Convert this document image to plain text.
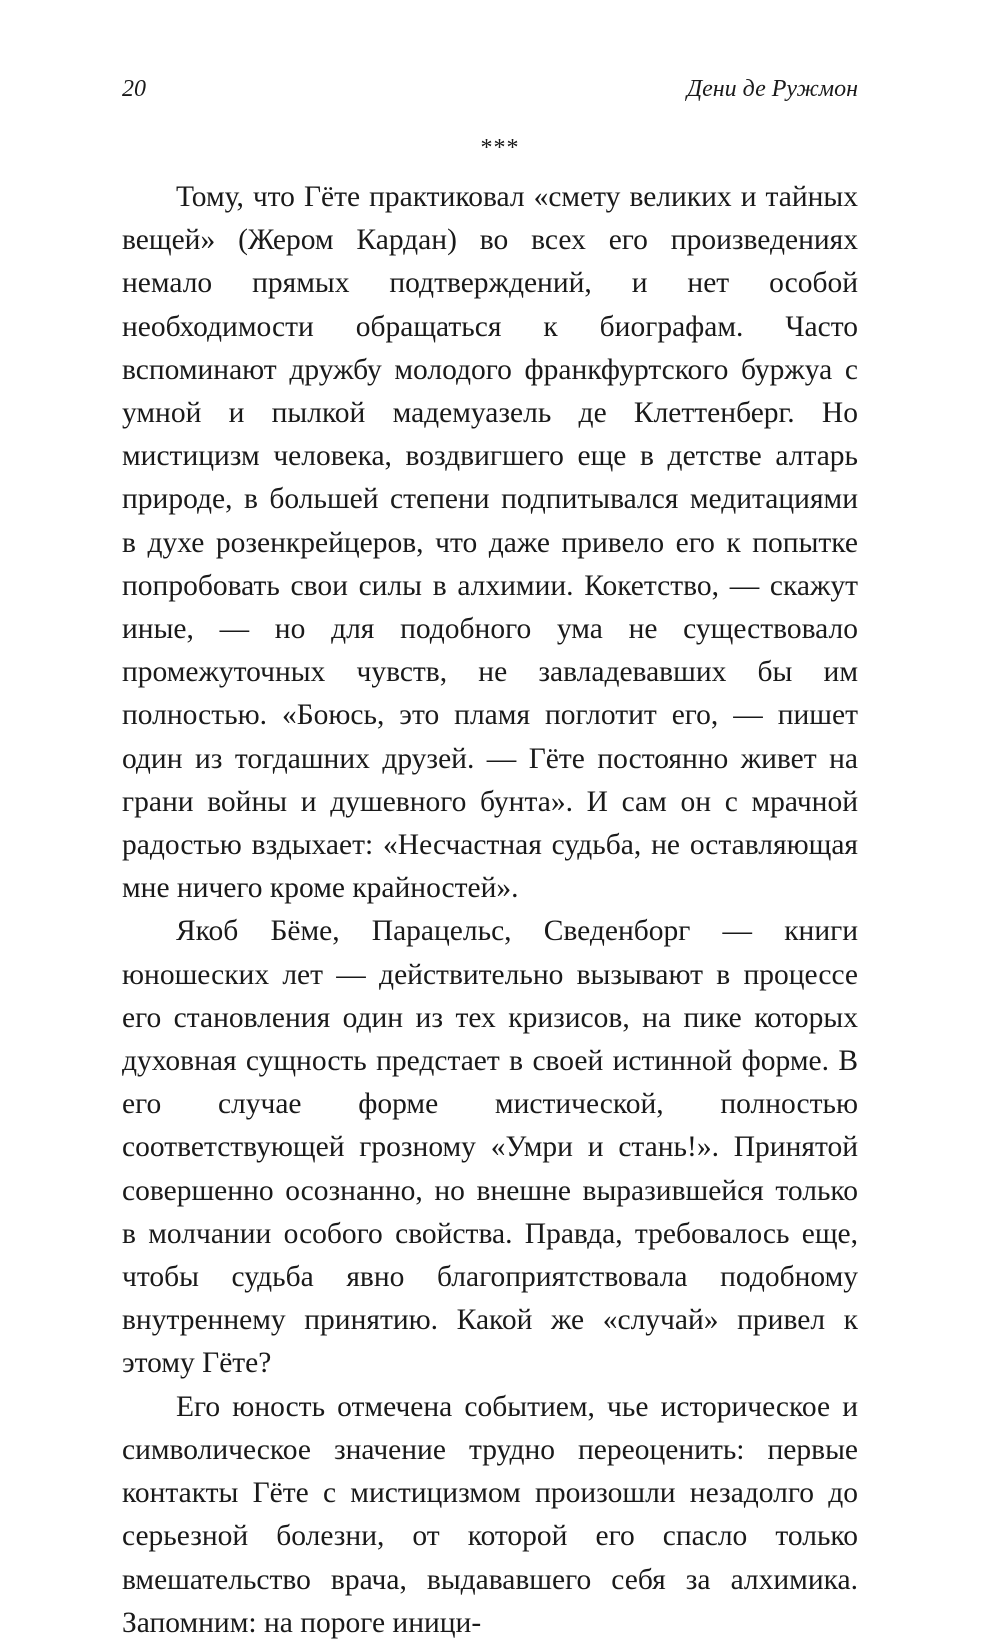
20	Дени де Ружмон
***

Тому, что Гёте практиковал «смету великих и тайных вещей» (Жером Кардан) во всех его произведениях немало прямых подтверждений, и нет особой необходимости обращаться к биографам. Часто вспоминают дружбу молодого франкфуртского буржуа с умной и пылкой мадемуазель де Клеттенберг. Но мистицизм человека, воздвигшего еще в детстве алтарь природе, в большей степени подпитывался медитациями в духе розенкрейцеров, что даже привело его к попытке попробовать свои силы в алхимии. Кокетство, — скажут иные, — но для подобного ума не существовало промежуточных чувств, не завладевавших бы им полностью. «Боюсь, это пламя поглотит его, — пишет один из тогдашних друзей. — Гёте постоянно живет на грани войны и душевного бунта». И сам он с мрачной радостью вздыхает: «Несчастная судьба, не оставляющая мне ничего кроме крайностей».

Якоб Бёме, Парацельс, Сведенборг — книги юношеских лет — действительно вызывают в процессе его становления один из тех кризисов, на пике которых духовная сущность предстает в своей истинной форме. В его случае форме мистической, полностью соответствующей грозному «Умри и стань!». Принятой совершенно осознанно, но внешне выразившейся только в молчании особого свойства. Правда, требовалось еще, чтобы судьба явно благоприятствовала подобному внутреннему принятию. Какой же «случай» привел к этому Гёте?

Его юность отмечена событием, чье историческое и символическое значение трудно переоценить: первые контакты Гёте с мистицизмом произошли незадолго до серьезной болезни, от которой его спасло только вмешательство врача, выдававшего себя за алхимика. Запомним: на пороге иници-
